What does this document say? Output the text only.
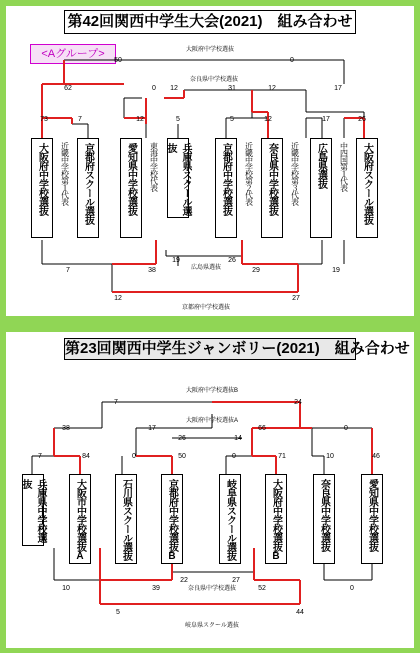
第42回関西中学生大会(2021)　組み合わせ
<Aグループ>
50	0
62	0 12	31	12	17
73	7	12	5	5	12	17	26
7	38
19	26
29	19
12	27
大阪府中学校選抜
奈良県中学校選抜
広島県選抜
京都府中学校選抜
大阪府中学校選抜	近畿中学校第１代表	京都府スクール選抜	愛知県中学校選抜	東海中学校代表	兵庫県スクール選抜	京都府中学校選抜	近畿中学校第２代表	奈良県中学校選抜	近畿中学校第３代表	広島県選抜	中四国第１代表	大阪府スクール選抜
第23回関西中学生ジャンボリー(2021)　組み合わせ
7	24
38	17	66	0
26	14
7	84	0	50	0	71	10	46
10	39
22	27
52	0
5	44
大阪府中学校選抜B
大阪府中学校選抜A
奈良県中学校選抜
岐阜県スクール選抜
兵庫県中学校選抜	大阪市中学校選抜A	石川県スクール選抜	京都府中学校選抜B	岐阜県スクール選抜	大阪府中学校選抜B	奈良県中学校選抜	愛知県中学校選抜
